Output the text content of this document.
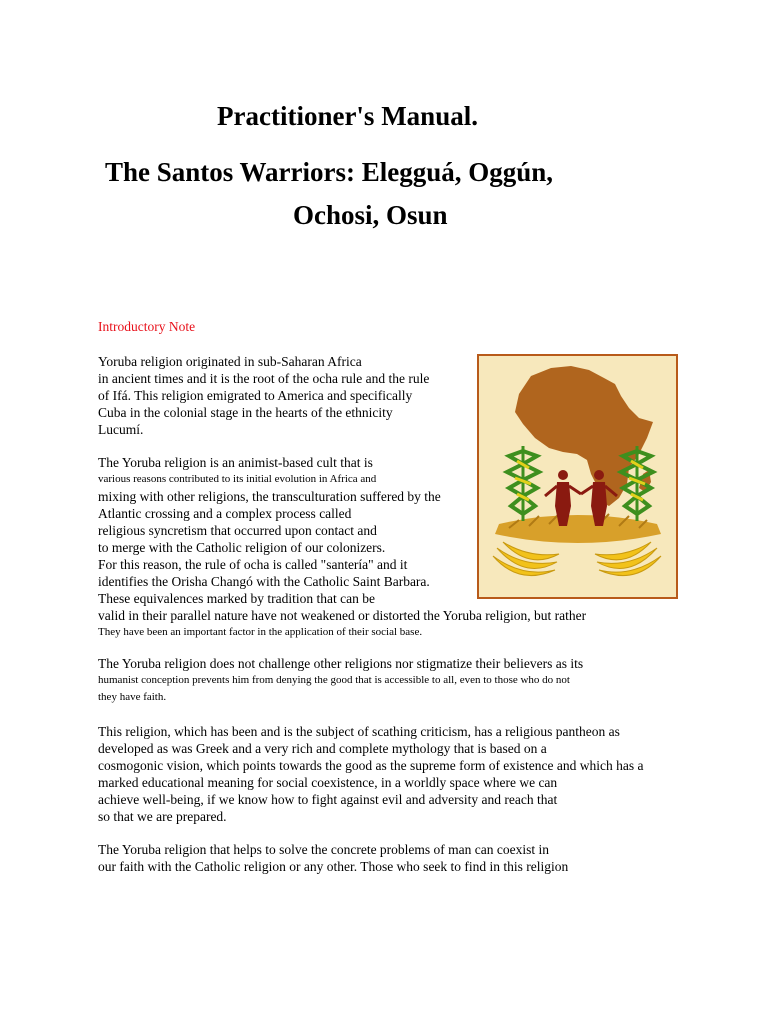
Practitioner's Manual.
The Santos Warriors: Elegguá, Oggún,
Ochosi, Osun
Introductory Note
Yoruba religion originated in sub-Saharan Africa
in ancient times and it is the root of the ocha rule and the rule
of Ifá. This religion emigrated to America and specifically
Cuba in the colonial stage in the hearts of the ethnicity
Lucumí.
The Yoruba religion is an animist-based cult that is
various reasons contributed to its initial evolution in Africa and
mixing with other religions, the transculturation suffered by the
Atlantic crossing and a complex process called
religious syncretism that occurred upon contact and
to merge with the Catholic religion of our colonizers.
For this reason, the rule of ocha is called "santería" and it
identifies the Orisha Changó with the Catholic Saint Barbara.
These equivalences marked by tradition that can be
valid in their parallel nature have not weakened or distorted the Yoruba religion, but rather
They have been an important factor in the application of their social base.
The Yoruba religion does not challenge other religions nor stigmatize their believers as its
humanist conception prevents him from denying the good that is accessible to all, even to those who do not
they have faith.
This religion, which has been and is the subject of scathing criticism, has a religious pantheon as
developed as was Greek and a very rich and complete mythology that is based on a
cosmogonic vision, which points towards the good as the supreme form of existence and which has a
marked educational meaning for social coexistence, in a worldly space where we can
achieve well-being, if we know how to fight against evil and adversity and reach that
so that we are prepared.
The Yoruba religion that helps to solve the concrete problems of man can coexist in
our faith with the Catholic religion or any other. Those who seek to find in this religion
